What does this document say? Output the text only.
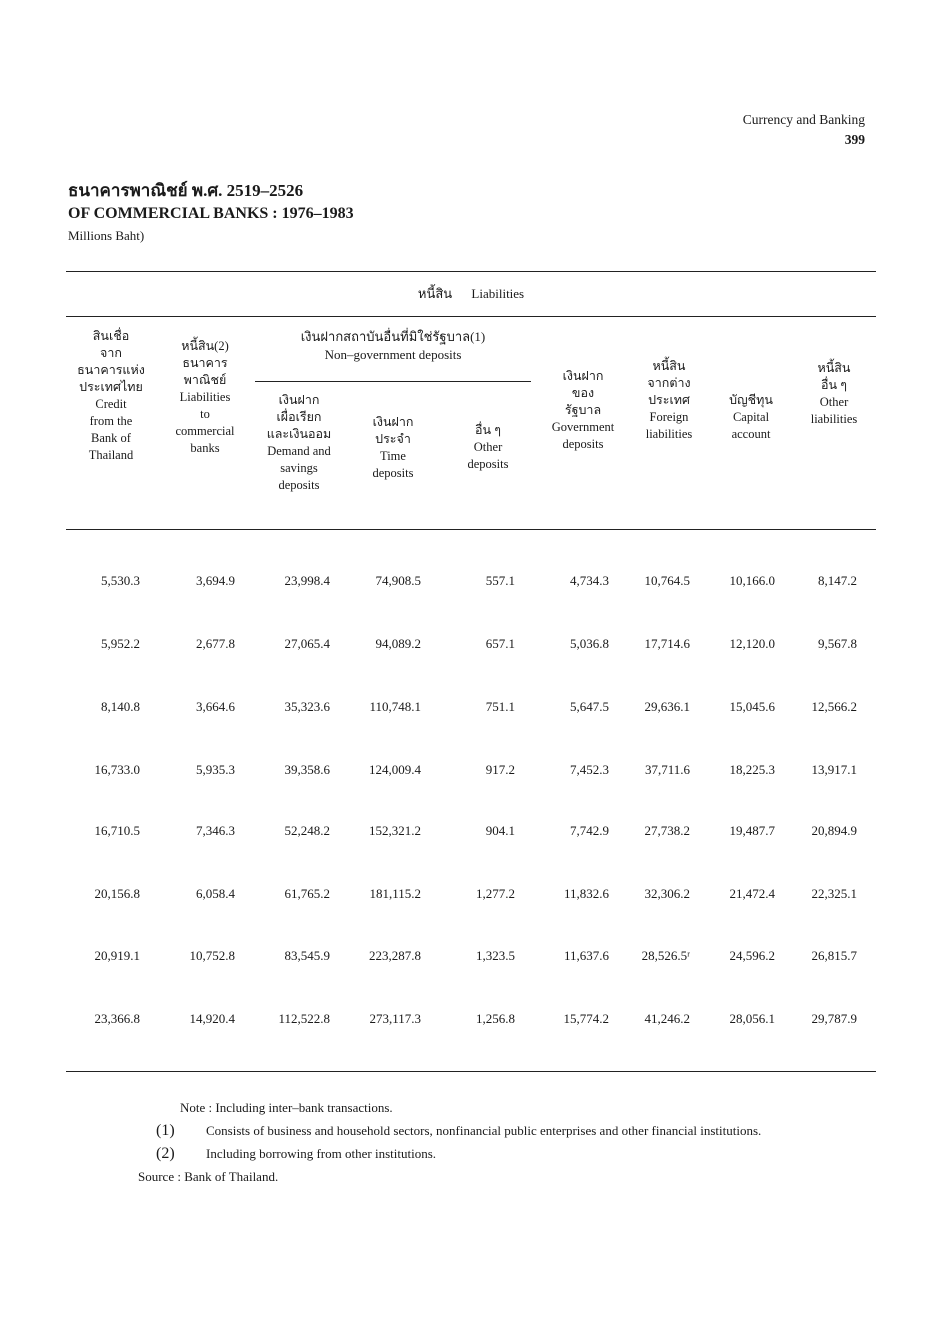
Currency and Banking
399
ธนาคารพาณิชย์ พ.ศ. 2519–2526
OF COMMERCIAL BANKS : 1976–1983
Millions Baht)
หนี้สิน Liabilities
เงินฝากสถาบันอื่นที่มิใช่รัฐบาล(1)
Non–government deposits
สินเชื่อ
จาก
ธนาคารแห่ง
ประเทศไทย
Credit
from the
Bank of
Thailand
หนี้สิน(2)
ธนาคาร
พาณิชย์
Liabilities
to
commercial
banks
เงินฝาก
เผื่อเรียก
และเงินออม
Demand and
savings
deposits
เงินฝาก
ประจำ
Time
deposits
อื่น ๆ
Other
deposits
เงินฝาก
ของ
รัฐบาล
Government
deposits
หนี้สิน
จากต่าง
ประเทศ
Foreign
liabilities
บัญชีทุน
Capital
account
หนี้สิน
อื่น ๆ
Other
liabilities
5,530.3	3,694.9	23,998.4	74,908.5	557.1	4,734.3	10,764.5	10,166.0	8,147.2
5,952.2	2,677.8	27,065.4	94,089.2	657.1	5,036.8	17,714.6	12,120.0	9,567.8
8,140.8	3,664.6	35,323.6	110,748.1	751.1	5,647.5	29,636.1	15,045.6	12,566.2
16,733.0	5,935.3	39,358.6	124,009.4	917.2	7,452.3	37,711.6	18,225.3	13,917.1
16,710.5	7,346.3	52,248.2	152,321.2	904.1	7,742.9	27,738.2	19,487.7	20,894.9
20,156.8	6,058.4	61,765.2	181,115.2	1,277.2	11,832.6	32,306.2	21,472.4	22,325.1
20,919.1	10,752.8	83,545.9	223,287.8	1,323.5	11,637.6	28,526.5ʳ	24,596.2	26,815.7
23,366.8	14,920.4	112,522.8	273,117.3	1,256.8	15,774.2	41,246.2	28,056.1	29,787.9
Note : Including inter–bank transactions.
(1)	Consists of business and household sectors, nonfinancial public enterprises and other financial institutions.
(2)	Including borrowing from other institutions.
Source : Bank of Thailand.
